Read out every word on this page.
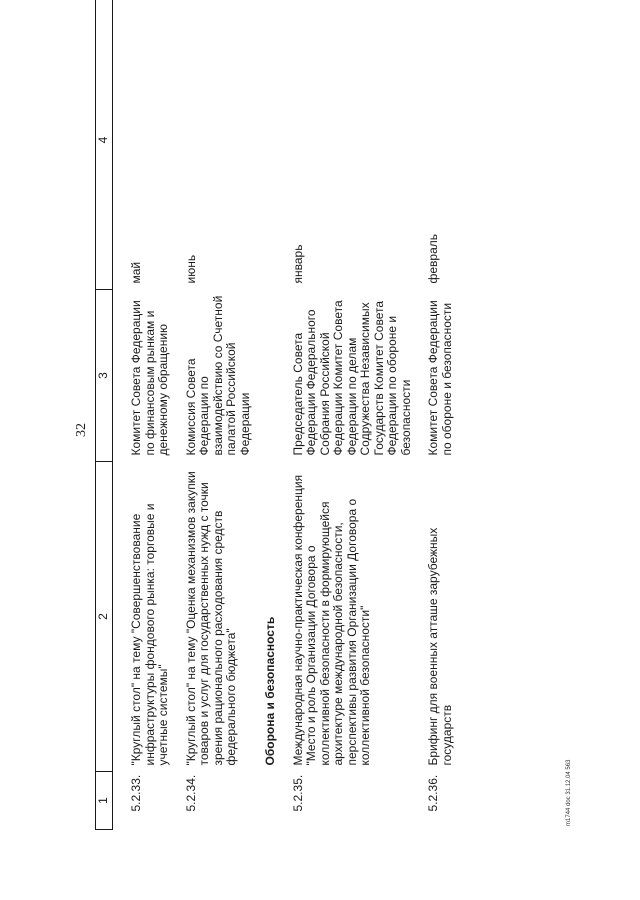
32
1	2	3	4
5.2.33.	"Круглый стол" на тему "Совершенствование инфраструктуры фондового рынка: торговые и учетные системы"	Комитет Совета Федерации по финансовым рынкам и денежному обращению	май
5.2.34.	"Круглый стол" на тему "Оценка механизмов закупки товаров и услуг для государственных нужд с точки зрения рационального расходования средств федерального бюджета"	Комиссия Совета Федерации по взаимодействию со Счетной палатой Российской Федерации	июнь
	Оборона и безопасность		
5.2.35.	Международная научно-практическая конференция "Место и роль Организации Договора о коллективной безопасности в формирующейся архитектуре международной безопасности, перспективы развития Организации Договора о коллективной безопасности"	Председатель Совета Федерации Федерального Собрания Российской Федерации Комитет Совета Федерации по делам Содружества Независимых Государств Комитет Совета Федерации по обороне и безопасности	январь
5.2.36.	Брифинг для военных атташе зарубежных государств	Комитет Совета Федерации по обороне и безопасности	февраль
m1744 doc 31.12.04 563
